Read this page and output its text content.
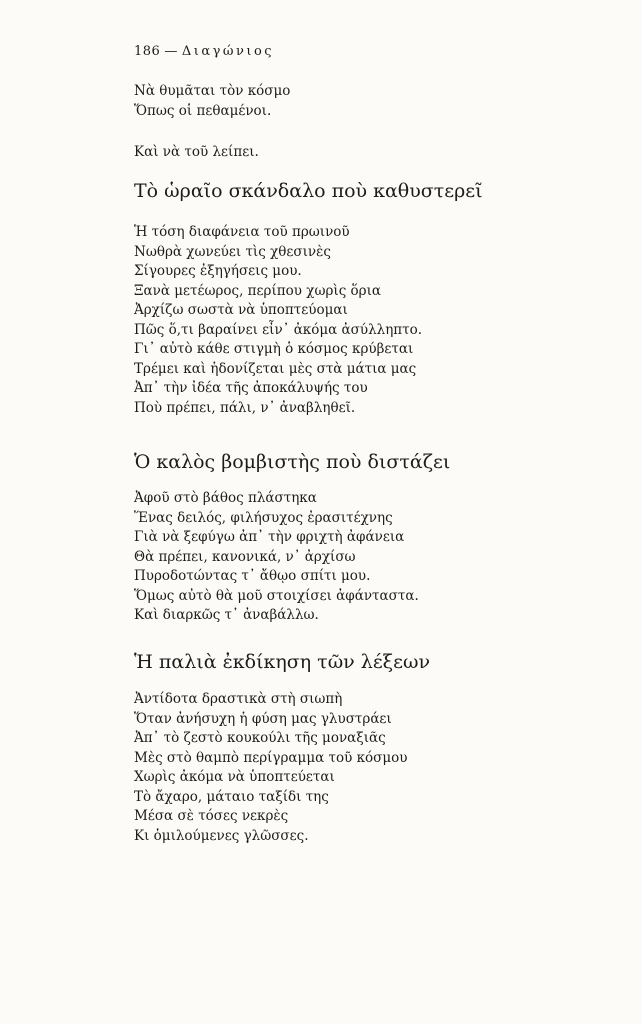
186 — Διαγώνιος
Νὰ θυμᾶται τὸν κόσμο
Ὅπως οἱ πεθαμένοι.
Καὶ νὰ τοῦ λείπει.
Τὸ ὡραῖο σκάνδαλο ποὺ καθυστερεῖ
Ἡ τόση διαφάνεια τοῦ πρωινοῦ
Νωθρὰ χωνεύει τὶς χθεσινὲς
Σίγουρες ἐξηγήσεις μου.
Ξανὰ μετέωρος, περίπου χωρὶς ὅρια
Ἀρχίζω σωστὰ νὰ ὑποπτεύομαι
Πῶς ὅ,τι βαραίνει εἶν᾽ ἀκόμα ἀσύλληπτο.
Γι᾽ αὐτὸ κάθε στιγμὴ ὁ κόσμος κρύβεται
Τρέμει καὶ ἡδονίζεται μὲς στὰ μάτια μας
Ἀπ᾽ τὴν ἰδέα τῆς ἀποκάλυψής του
Ποὺ πρέπει, πάλι, ν᾽ ἀναβληθεῖ.
Ὁ καλὸς βομβιστὴς ποὺ διστάζει
Ἀφοῦ στὸ βάθος πλάστηκα
Ἕνας δειλός, φιλήσυχος ἐρασιτέχνης
Γιὰ νὰ ξεφύγω ἀπ᾽ τὴν φριχτὴ ἀφάνεια
Θὰ πρέπει, κανονικά, ν᾽ ἀρχίσω
Πυροδοτώντας τ᾽ ἄθῳο σπίτι μου.
Ὅμως αὐτὸ θὰ μοῦ στοιχίσει ἀφάνταστα.
Καὶ διαρκῶς τ᾽ ἀναβάλλω.
Ἡ παλιὰ ἐκδίκηση τῶν λέξεων
Ἀντίδοτα δραστικὰ στὴ σιωπὴ
Ὅταν ἀνήσυχη ἡ φύση μας γλυστράει
Ἀπ᾽ τὸ ζεστὸ κουκούλι τῆς μοναξιᾶς
Μὲς στὸ θαμπὸ περίγραμμα τοῦ κόσμου
Χωρὶς ἀκόμα νὰ ὑποπτεύεται
Τὸ ἄχαρο, μάταιο ταξίδι της
Μέσα σὲ τόσες νεκρὲς
Κι ὁμιλούμενες γλῶσσες.
